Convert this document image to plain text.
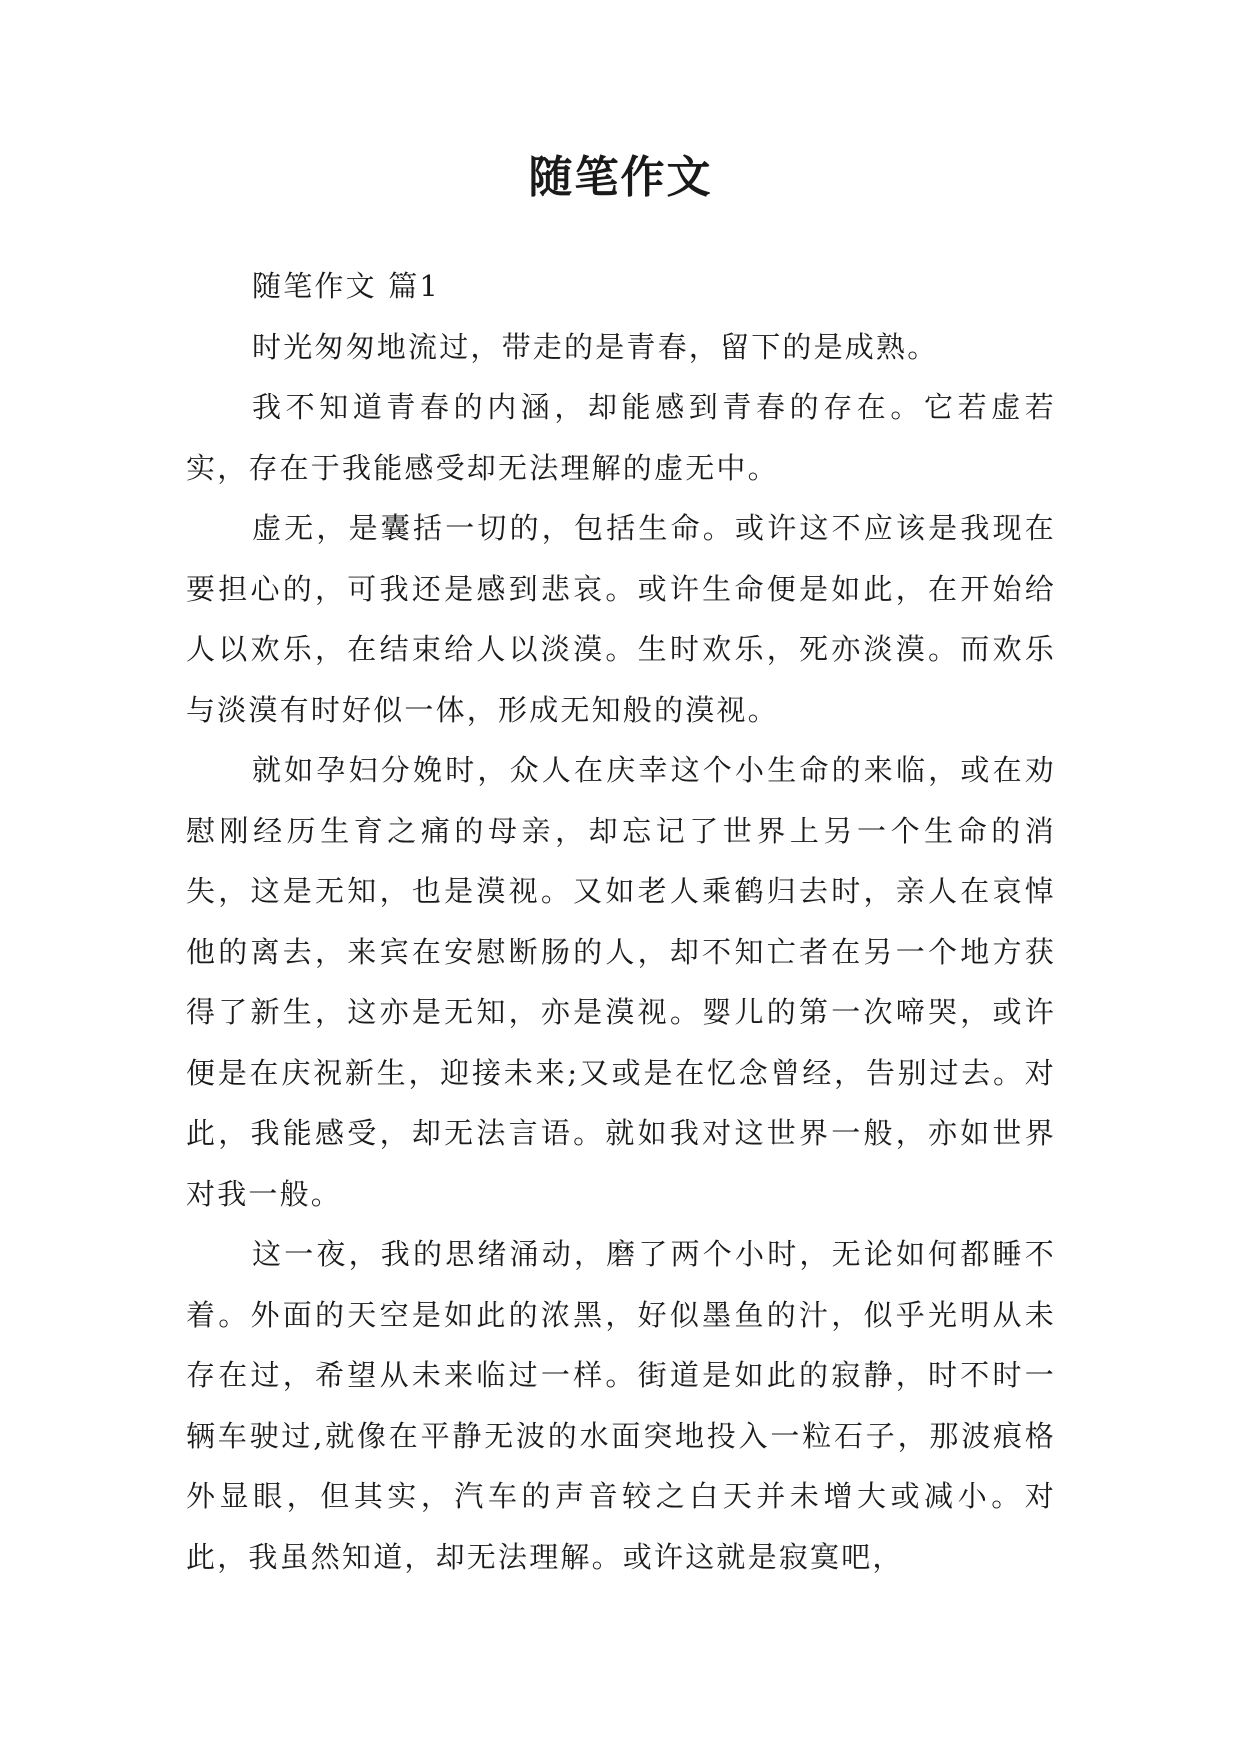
随笔作文

随笔作文 篇1

时光匆匆地流过，带走的是青春，留下的是成熟。

我不知道青春的内涵，却能感到青春的存在。它若虚若实，存在于我能感受却无法理解的虚无中。

虚无，是囊括一切的，包括生命。或许这不应该是我现在要担心的，可我还是感到悲哀。或许生命便是如此，在开始给人以欢乐，在结束给人以淡漠。生时欢乐，死亦淡漠。而欢乐与淡漠有时好似一体，形成无知般的漠视。

就如孕妇分娩时，众人在庆幸这个小生命的来临，或在劝慰刚经历生育之痛的母亲，却忘记了世界上另一个生命的消失，这是无知，也是漠视。又如老人乘鹤归去时，亲人在哀悼他的离去，来宾在安慰断肠的人，却不知亡者在另一个地方获得了新生，这亦是无知，亦是漠视。婴儿的第一次啼哭，或许便是在庆祝新生，迎接未来;又或是在忆念曾经，告别过去。对此，我能感受，却无法言语。就如我对这世界一般，亦如世界对我一般。

这一夜，我的思绪涌动，磨了两个小时，无论如何都睡不着。外面的天空是如此的浓黑，好似墨鱼的汁，似乎光明从未存在过，希望从未来临过一样。街道是如此的寂静，时不时一辆车驶过,就像在平静无波的水面突地投入一粒石子，那波痕格外显眼，但其实，汽车的声音较之白天并未增大或减小。对此，我虽然知道，却无法理解。或许这就是寂寞吧，
